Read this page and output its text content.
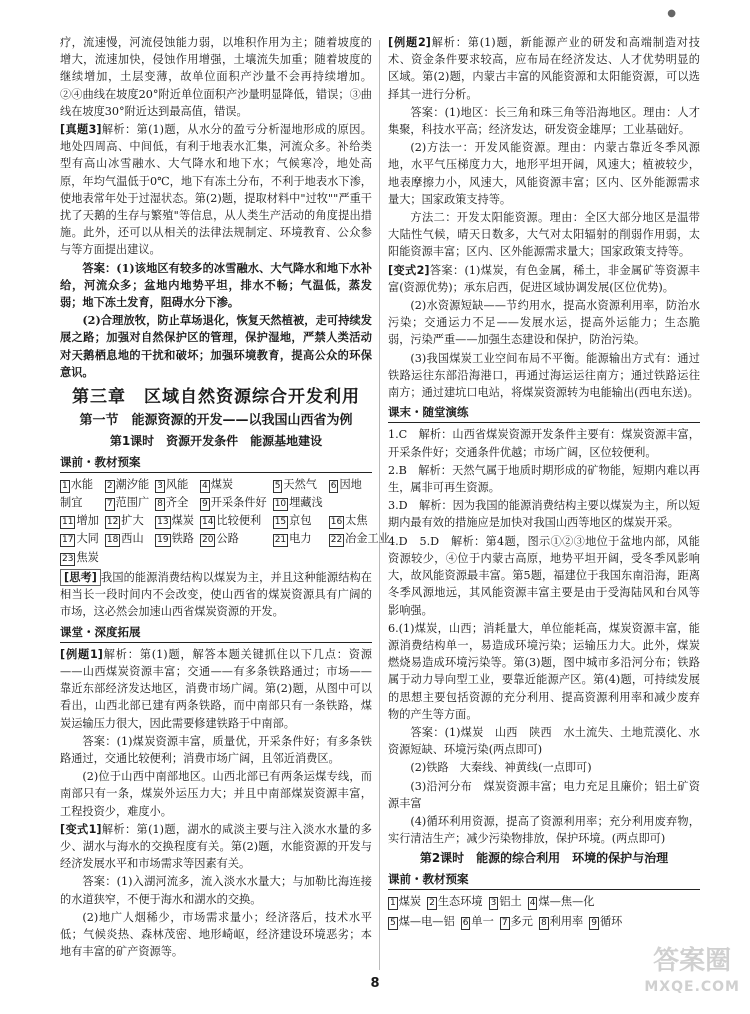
●

疗，流速慢，河流侵蚀能力弱，以堆积作用为主；随着坡度的增大，流速加快，侵蚀作用增强，土壤流失加重；随着坡度的继续增加，土层变薄，故单位面积产沙量不会再持续增加。②④曲线在坡度20°附近单位面积产沙量明显降低，错误；③曲线在坡度30°附近达到最高值，错误。

[真题3]解析：第(1)题，从水分的盈亏分析湿地形成的原因。地处四周高、中间低，有利于地表水汇集，河流众多。补给类型有高山冰雪融水、大气降水和地下水；气候寒冷，地处高原，年均气温低于0℃，地下有冻土分布，不利于地表水下渗，使地表常年处于过湿状态。第(2)题，提取材料中"过牧""严重干扰了天鹅的生存与繁殖"等信息，从人类生产活动的角度提出措施。此外，还可以从相关的法律法规制定、环境教育、公众参与等方面提出建议。

答案：(1)该地区有较多的冰雪融水、大气降水和地下水补给，河流众多；盆地内地势平坦，排水不畅；气温低，蒸发弱；地下冻土发育，阻碍水分下渗。

(2)合理放牧，防止草场退化，恢复天然植被，走可持续发展之路；加强对自然保护区的管理，保护湿地，严禁人类活动对天鹅栖息地的干扰和破坏；加强环境教育，提高公众的环保意识。

第三章　区域自然资源综合开发利用
第一节　能源资源的开发——以我国山西省为例
第1课时　资源开发条件　能源基地建设
课前・教材预案
1 水能	2 潮汐能 3 风能	4 煤炭	5 天然气	6 因地
制宜	7 范围广 8 齐全	9 开采条件好 10 埋藏浅
11 增加 12 扩大	13 煤炭 14 比较便利	15 京包	16 太焦
17 大同 18 西山	19 铁路 20 公路	21 电力	22 冶金工业
23 焦炭

[思考] 我国的能源消费结构以煤炭为主，并且这种能源结构在相当长一段时间内不会改变，使山西省的煤炭资源具有广阔的市场，这必然会加速山西省煤炭资源的开发。

课堂・深度拓展

[例题1]解析：第(1)题，解答本题关键抓住以下几点：资源——山西煤炭资源丰富；交通——有多条铁路通过；市场——靠近东部经济发达地区，消费市场广阔。第(2)题，从图中可以看出，山西北部已建有两条铁路，而中南部只有一条铁路，煤炭运输压力很大，因此需要修建铁路于中南部。

答案：(1)煤炭资源丰富，质量优，开采条件好；有多条铁路通过，交通比较便利；消费市场广阔，且邻近消费区。

(2)位于山西中南部地区。山西北部已有两条运煤专线，而南部只有一条，煤炭外运压力大；并且中南部煤炭资源丰富，工程投资少，难度小。

[变式1]解析：第(1)题，湖水的咸淡主要与注入淡水水量的多少、湖水与海水的交换程度有关。第(2)题，水能资源的开发与经济发展水平和市场需求等因素有关。

答案：(1)入湖河流多，流入淡水水量大；与加勒比海连接的水道狭窄，不便于海水和湖水的交换。

(2)地广人烟稀少，市场需求量小；经济落后，技术水平低；气候炎热、森林茂密、地形崎岖，经济建设环境恶劣；本地有丰富的矿产资源等。

[例题2]解析：第(1)题，新能源产业的研发和高端制造对技术、资金条件要求较高，应布局在经济发达、人才优势明显的区域。第(2)题，内蒙古丰富的风能资源和太阳能资源，可以选择其一进行分析。

答案：(1)地区：长三角和珠三角等沿海地区。理由：人才集聚，科技水平高；经济发达，研发资金雄厚；工业基础好。

(2)方法一：开发风能资源。理由：内蒙古靠近冬季风源地，水平气压梯度力大，地形平坦开阔，风速大；植被较少，地表摩擦力小，风速大，风能资源丰富；区内、区外能源需求量大；国家政策支持等。

方法二：开发太阳能资源。理由：全区大部分地区是温带大陆性气候，晴天日数多，大气对太阳辐射的削弱作用弱，太阳能资源丰富；区内、区外能源需求量大；国家政策支持等。

[变式2]答案：(1)煤炭，有色金属，稀土，非金属矿等资源丰富(资源优势)；承东启西，促进区域协调发展(区位优势)。

(2)水资源短缺——节约用水，提高水资源利用率，防治水污染；交通运力不足——发展水运，提高外运能力；生态脆弱，污染严重——加强生态建设和保护，防治污染。

(3)我国煤炭工业空间布局不平衡。能源输出方式有：通过铁路运往东部沿海港口，再通过海运运往南方；通过铁路运往南方；通过建坑口电站，将煤炭资源转为电能输出(西电东送)。

课末・随堂演练

1.C　解析：山西省煤炭资源开发条件主要有：煤炭资源丰富，开采条件好；交通条件优越；市场广阔，区位较便利。

2.B　解析：天然气属于地质时期形成的矿物能，短期内难以再生，属非可再生资源。

3.D　解析：因为我国的能源消费结构主要以煤炭为主，所以短期内最有效的措施应是加快对我国山西等地区的煤炭开采。

4.D　5.D　解析：第4题，图示①②③地位于盆地内部，风能资源较少，④位于内蒙古高原，地势平坦开阔，受冬季风影响大，故风能资源最丰富。第5题，福建位于我国东南沿海，距离冬季风源地远，其风能资源丰富主要是由于受海陆风和台风等影响强。

6.(1)煤炭，山西；消耗量大，单位能耗高，煤炭资源丰富，能源消费结构单一，易造成环境污染；运输压力大。此外，煤炭燃烧易造成环境污染等。第(3)题，图中城市多沿河分布；铁路属于动力导向型工业，要靠近能源产区。第(4)题，可持续发展的思想主要包括资源的充分利用、提高资源利用率和减少废弃物的产生等方面。

答案：(1)煤炭　山西　陕西　水土流失、土地荒漠化、水资源短缺、环境污染(两点即可)

(2)铁路　大秦线、神黄线(一点即可)

(3)沿河分布　煤炭资源丰富；电力充足且廉价；铝土矿资源丰富

(4)循环利用资源，提高了资源利用率；充分利用废弃物，实行清洁生产；减少污染物排放，保护环境。(两点即可)

第2课时　能源的综合利用　环境的保护与治理
课前・教材预案
1 煤炭 2 生态环境 3 铝土 4 煤—焦—化
5 煤—电—铝 6 单一 7 多元 8 利用率 9 循环
8
答案圈
MXQE.COM
